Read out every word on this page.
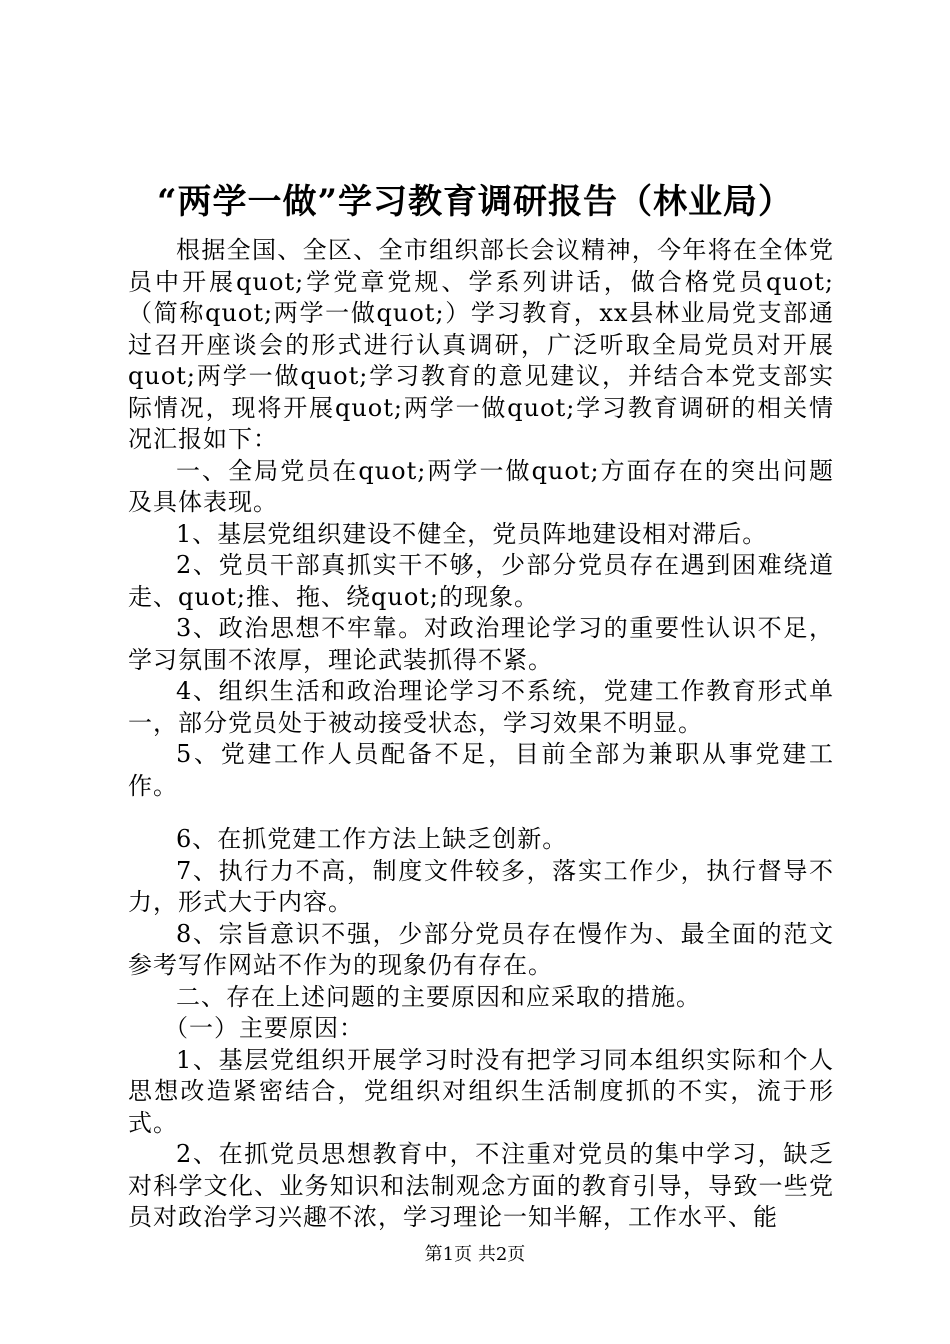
“两学一做”学习教育调研报告（林业局）

根据全国、全区、全市组织部长会议精神，今年将在全体党员中开展quot;学党章党规、学系列讲话，做合格党员quot;（简称quot;两学一做quot;）学习教育，xx县林业局党支部通过召开座谈会的形式进行认真调研，广泛听取全局党员对开展quot;两学一做quot;学习教育的意见建议，并结合本党支部实际情况，现将开展quot;两学一做quot;学习教育调研的相关情况汇报如下：

一、全局党员在quot;两学一做quot;方面存在的突出问题及具体表现。

1、基层党组织建设不健全，党员阵地建设相对滞后。

2、党员干部真抓实干不够，少部分党员存在遇到困难绕道走、quot;推、拖、绕quot;的现象。

3、政治思想不牢靠。对政治理论学习的重要性认识不足，学习氛围不浓厚，理论武装抓得不紧。

4、组织生活和政治理论学习不系统，党建工作教育形式单一，部分党员处于被动接受状态，学习效果不明显。

5、党建工作人员配备不足，目前全部为兼职从事党建工作。

6、在抓党建工作方法上缺乏创新。

7、执行力不高，制度文件较多，落实工作少，执行督导不力，形式大于内容。

8、宗旨意识不强，少部分党员存在慢作为、最全面的范文参考写作网站不作为的现象仍有存在。

二、存在上述问题的主要原因和应采取的措施。

（一）主要原因：

1、基层党组织开展学习时没有把学习同本组织实际和个人思想改造紧密结合，党组织对组织生活制度抓的不实，流于形式。

2、在抓党员思想教育中，不注重对党员的集中学习，缺乏对科学文化、业务知识和法制观念方面的教育引导，导致一些党员对政治学习兴趣不浓，学习理论一知半解，工作水平、能

第1页 共2页
